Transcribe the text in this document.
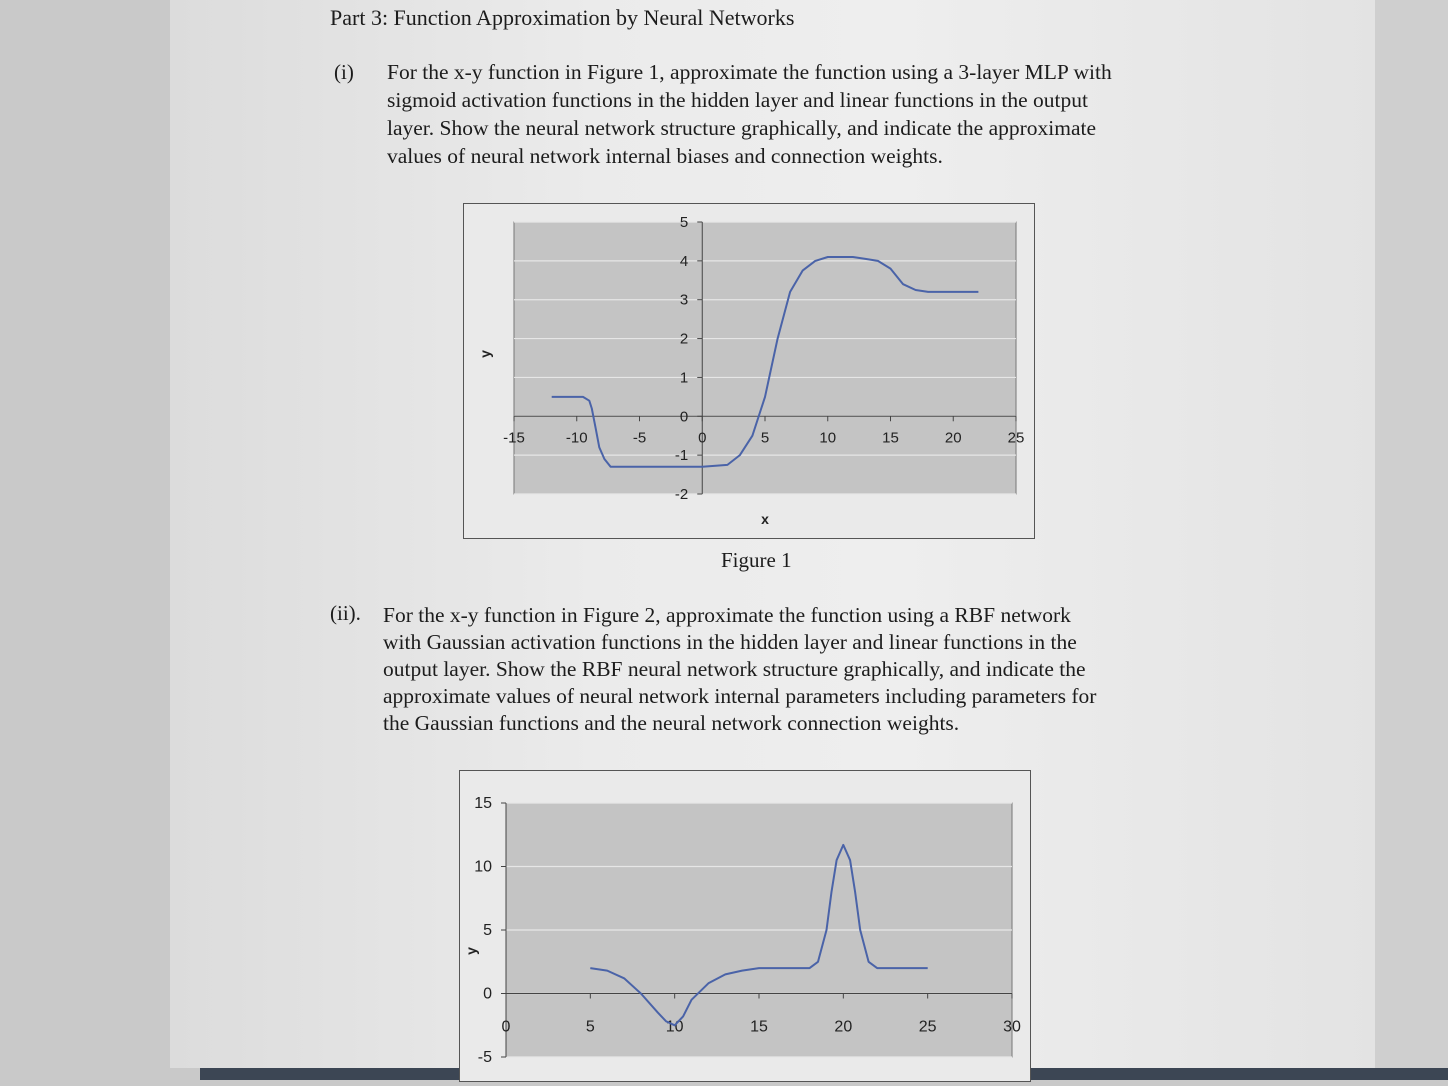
Part 3: Function Approximation by Neural Networks
(i) For the x-y function in Figure 1, approximate the function using a 3-layer MLP with
sigmoid activation functions in the hidden layer and linear functions in the output
layer. Show the neural network structure graphically, and indicate the approximate
values of neural network internal biases and connection weights.
-15	-10	-5	0	5	10	15	20	25
-2
-1
0
1
2
3
4
5
x
y
Figure 1
(ii). For the x-y function in Figure 2, approximate the function using a RBF network
with Gaussian activation functions in the hidden layer and linear functions in the
output layer. Show the RBF neural network structure graphically, and indicate the
approximate values of neural network internal parameters including parameters for
the Gaussian functions and the neural network connection weights.
0	5	10	15	20	25	30
-5
0
5
10
15
y
